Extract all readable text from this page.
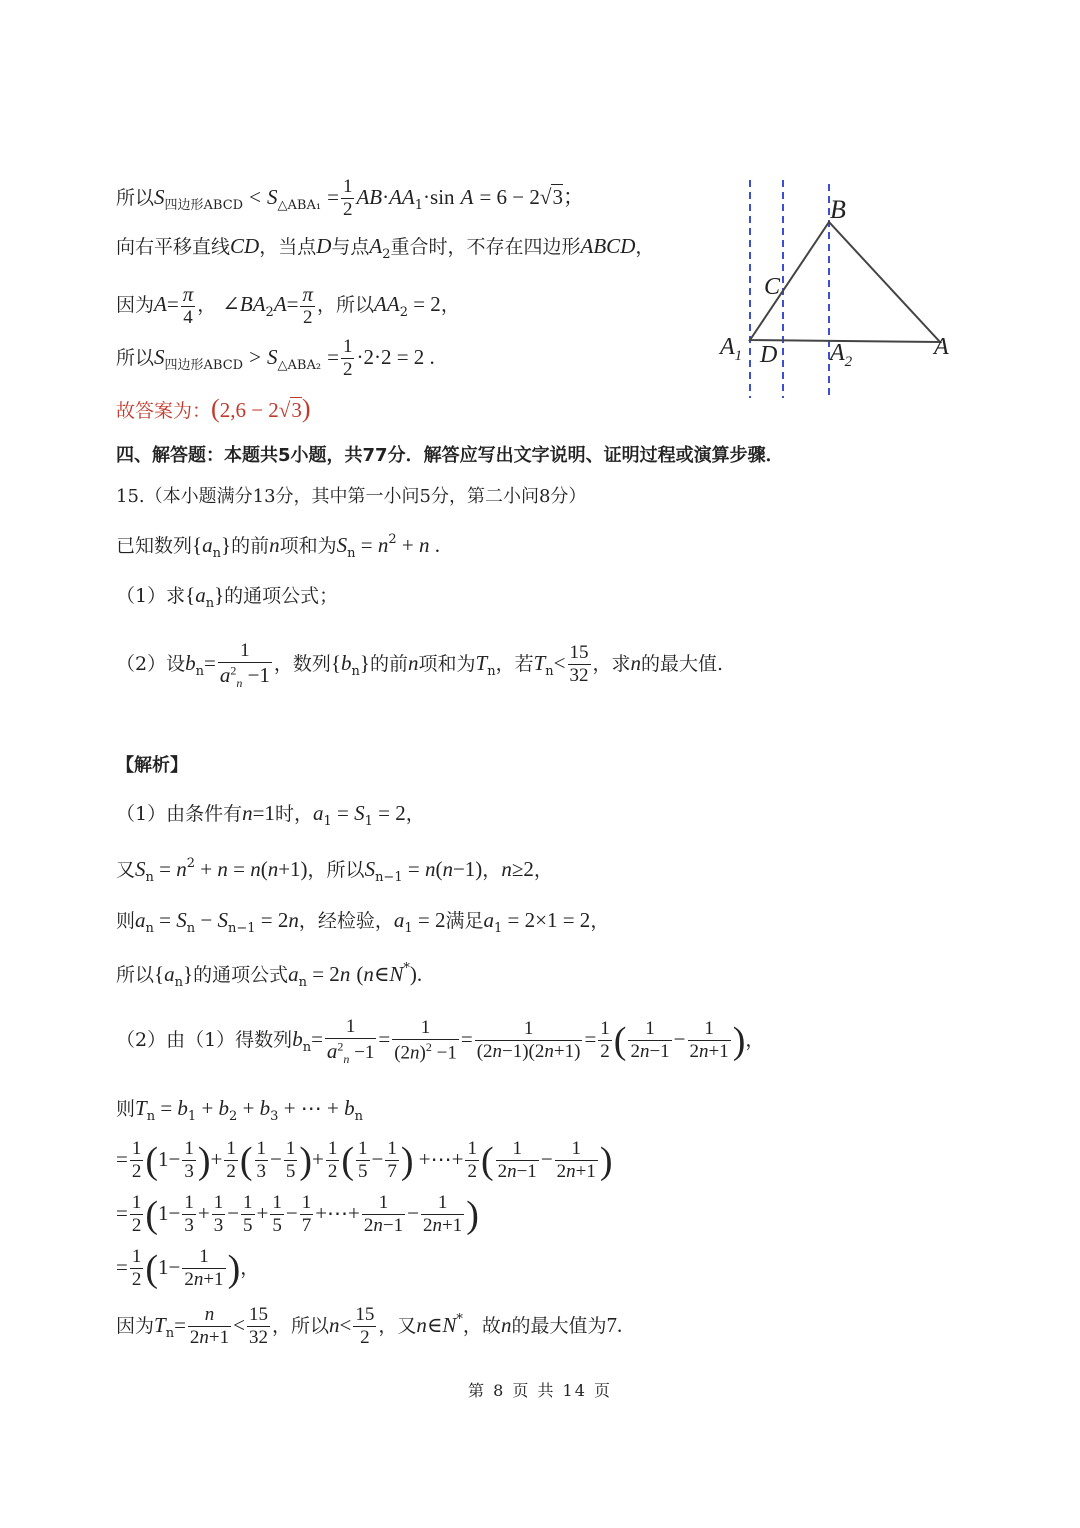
所以$S_{四边形ABCD} < S_{\triangle ABA_1} = \frac{1}{2} AB\cdot AA_1\cdot\sin$ A = 6 − 2√3；
向右平移直线CD，当点D与点$A_2$重合时，不存在四边形ABCD，
因为$A= \frac{\pi}{4}$ ， $\angle BA_2A= \frac{\pi}{2}$ ，所以$AA_2 = 2$，
所以$S_{四边形ABCD} > S_{\triangle ABA_2} = \frac{1}{2} \cdot 2\cdot 2 = 2$ .
故答案为：(2,6 − 2√3)
四、解答题：本题共5小题，共77分．解答应写出文字说明、证明过程或演算步骤．
15.（本小题满分13分，其中第一小问5分，第二小问8分）
已知数列$\{a_n\}$的前n项和为$S_n = n^2 + n$ .
（1）求$\{a_n\}$的通项公式；
（2）设$b_n= \frac{1}{a^2_n -1}$ ，数列$\{b_n\}$的前n项和为$T_n$，若$T_n< \frac{15}{32}$ ，求n的最大值.
【解析】
（1）由条件有n=1时，$a_1 = S_1 = 2$，
又$S_n = n^2 + n = n(n+1)$，所以$S_{n-1} = n(n-1)$，n≥2，
则$a_n = S_n - S_{n-1} = 2n$，经检验，$a_1 = 2$满足$a_1 = 2\times 1 = 2$，
所以$\{a_n\}$的通项公式$a_n = 2n$ (n∈N*).
（2）由（1）得数列$b_n= \frac{1}{a^2_n -1} = \frac{1}{(2n)^2 -1} = \frac{1}{(2n-1)(2n+1)} = \frac{1}{2}$ ( $\frac{1}{2n-1} - \frac{1}{2n+1}$ )，
则$T_n = b_1 + b_2 + b_3$ + ⋯ + $b_n$
= $\frac{1}{2} (1- \frac{1}{3}$ )+ $\frac{1}{2}$ ( $\frac{1}{3} - \frac{1}{5}$ )+ $\frac{1}{2}$ ( $\frac{1}{5} - \frac{1}{7}$ ) +⋯+ $\frac{1}{2}$ ( $\frac{1}{2n-1} - \frac{1}{2n+1}$ )
= $\frac{1}{2} (1- \frac{1}{3} + \frac{1}{3} - \frac{1}{5} + \frac{1}{5} - \frac{1}{7}$ +⋯+ $\frac{1}{2n-1} - \frac{1}{2n+1}$ )
= $\frac{1}{2} (1- \frac{1}{2n+1}$ )，
因为$T_n= \frac{n}{2n+1} < \frac{15}{32}$ ，所以$n< \frac{15}{2}$ ，又n∈N*，故n的最大值为7.
B
C
$A_1$ D $A_2$
A
第 8 页 共 14 页
